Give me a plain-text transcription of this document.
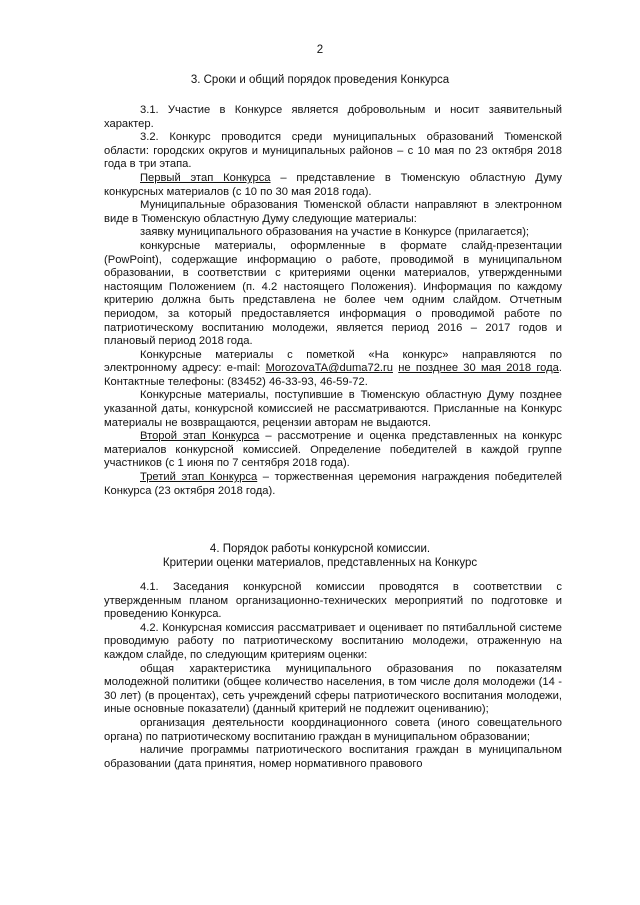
2
3. Сроки и общий порядок проведения Конкурса

3.1. Участие в Конкурсе является добровольным и носит заявительный характер.

3.2. Конкурс проводится среди муниципальных образований Тюменской области: городских округов и муниципальных районов – с 10 мая по 23 октября 2018 года в три этапа.

Первый этап Конкурса – представление в Тюменскую областную Думу конкурсных материалов (с 10 по 30 мая 2018 года).

Муниципальные образования Тюменской области направляют в электронном виде в Тюменскую областную Думу следующие материалы:

заявку муниципального образования на участие в Конкурсе (прилагается);

конкурсные материалы, оформленные в формате слайд-презентации (PowPoint), содержащие информацию о работе, проводимой в муниципальном образовании, в соответствии с критериями оценки материалов, утвержденными настоящим Положением (п. 4.2 настоящего Положения). Информация по каждому критерию должна быть представлена не более чем одним слайдом. Отчетным периодом, за который предоставляется информация о проводимой работе по патриотическому воспитанию молодежи, является период 2016 – 2017 годов и плановый период 2018 года.

Конкурсные материалы с пометкой «На конкурс» направляются по электронному адресу: e-mail: MorozovaTA@duma72.ru не позднее 30 мая 2018 года. Контактные телефоны: (83452) 46-33-93, 46-59-72.

Конкурсные материалы, поступившие в Тюменскую областную Думу позднее указанной даты, конкурсной комиссией не рассматриваются. Присланные на Конкурс материалы не возвращаются, рецензии авторам не выдаются.

Второй этап Конкурса – рассмотрение и оценка представленных на конкурс материалов конкурсной комиссией. Определение победителей в каждой группе участников (с 1 июня по 7 сентября 2018 года).

Третий этап Конкурса – торжественная церемония награждения победителей Конкурса (23 октября 2018 года).

4. Порядок работы конкурсной комиссии.
Критерии оценки материалов, представленных на Конкурс

4.1. Заседания конкурсной комиссии проводятся в соответствии с утвержденным планом организационно-технических мероприятий по подготовке и проведению Конкурса.

4.2. Конкурсная комиссия рассматривает и оценивает по пятибалльной системе проводимую работу по патриотическому воспитанию молодежи, отраженную на каждом слайде, по следующим критериям оценки:

общая характеристика муниципального образования по показателям молодежной политики (общее количество населения, в том числе доля молодежи (14 - 30 лет) (в процентах), сеть учреждений сферы патриотического воспитания молодежи, иные основные показатели) (данный критерий не подлежит оцениванию);

организация деятельности координационного совета (иного совещательного органа) по патриотическому воспитанию граждан в муниципальном образовании;

наличие программы патриотического воспитания граждан в муниципальном образовании (дата принятия, номер нормативного правового
